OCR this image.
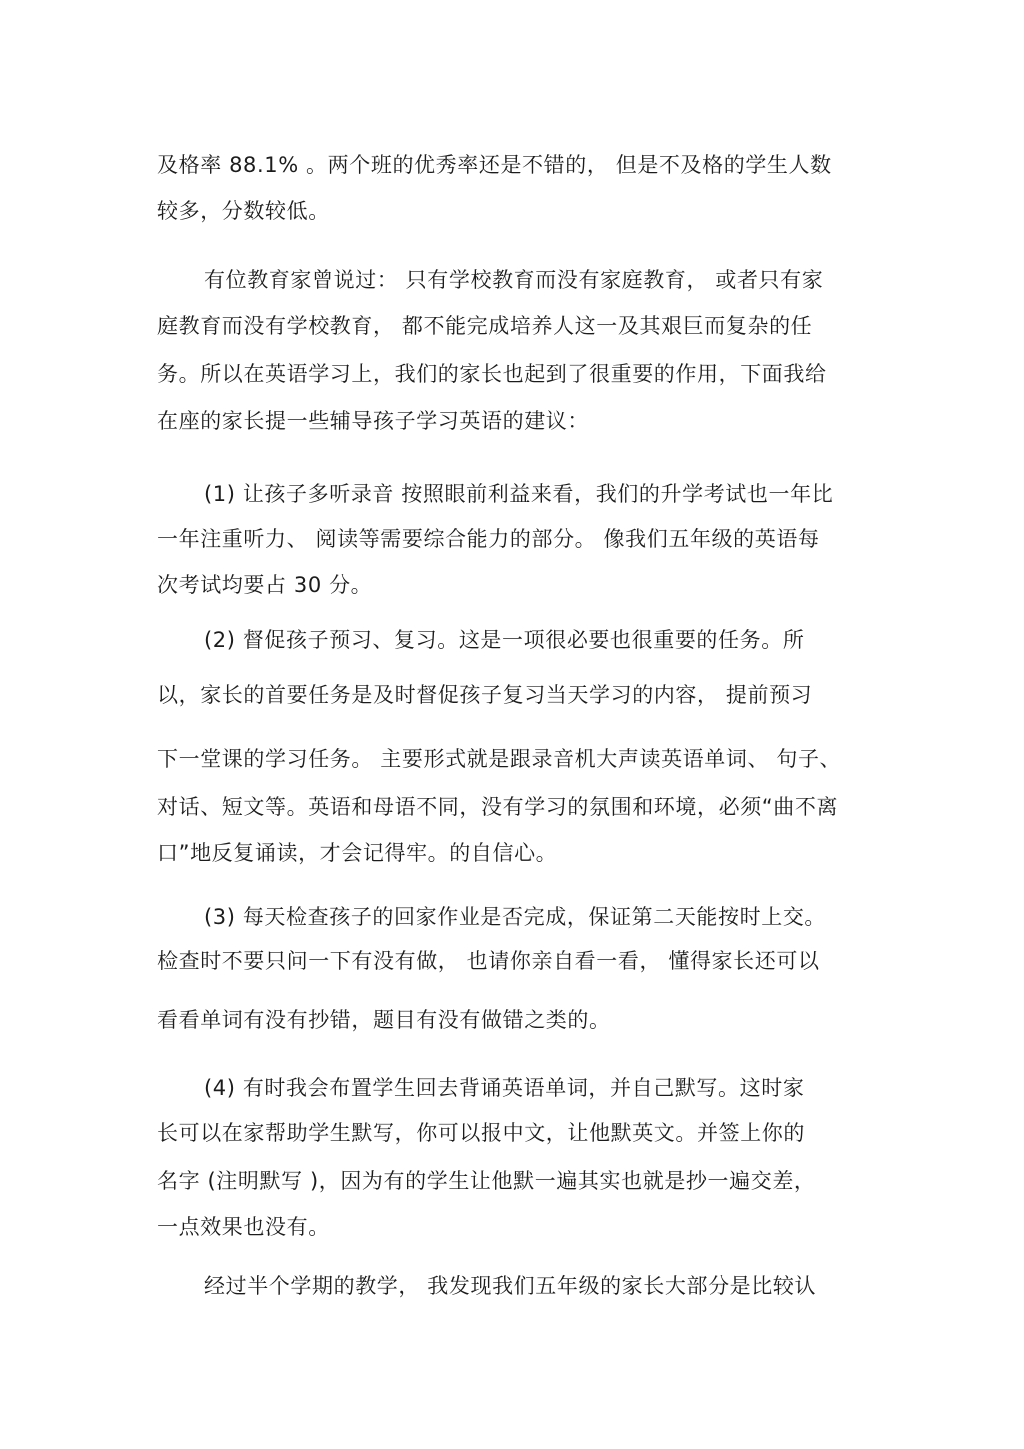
及格率 88.1% 。两个班的优秀率还是不错的， 但是不及格的学生人数
较多，分数较低。
有位教育家曾说过： 只有学校教育而没有家庭教育， 或者只有家
庭教育而没有学校教育， 都不能完成培养人这一及其艰巨而复杂的任
务。所以在英语学习上，我们的家长也起到了很重要的作用，下面我给
在座的家长提一些辅导孩子学习英语的建议：
(1) 让孩子多听录音 按照眼前利益来看，我们的升学考试也一年比
一年注重听力、 阅读等需要综合能力的部分。 像我们五年级的英语每
次考试均要占 30 分。
(2) 督促孩子预习、复习。这是一项很必要也很重要的任务。所
以，家长的首要任务是及时督促孩子复习当天学习的内容， 提前预习
下一堂课的学习任务。 主要形式就是跟录音机大声读英语单词、 句子、
对话、短文等。英语和母语不同，没有学习的氛围和环境，必须“曲不离
口”地反复诵读，才会记得牢。的自信心。
(3) 每天检查孩子的回家作业是否完成，保证第二天能按时上交。
检查时不要只问一下有没有做， 也请你亲自看一看， 懂得家长还可以
看看单词有没有抄错，题目有没有做错之类的。
(4) 有时我会布置学生回去背诵英语单词，并自己默写。这时家
长可以在家帮助学生默写，你可以报中文，让他默英文。并签上你的
名字 (注明默写 )，因为有的学生让他默一遍其实也就是抄一遍交差，
一点效果也没有。
经过半个学期的教学， 我发现我们五年级的家长大部分是比较认
